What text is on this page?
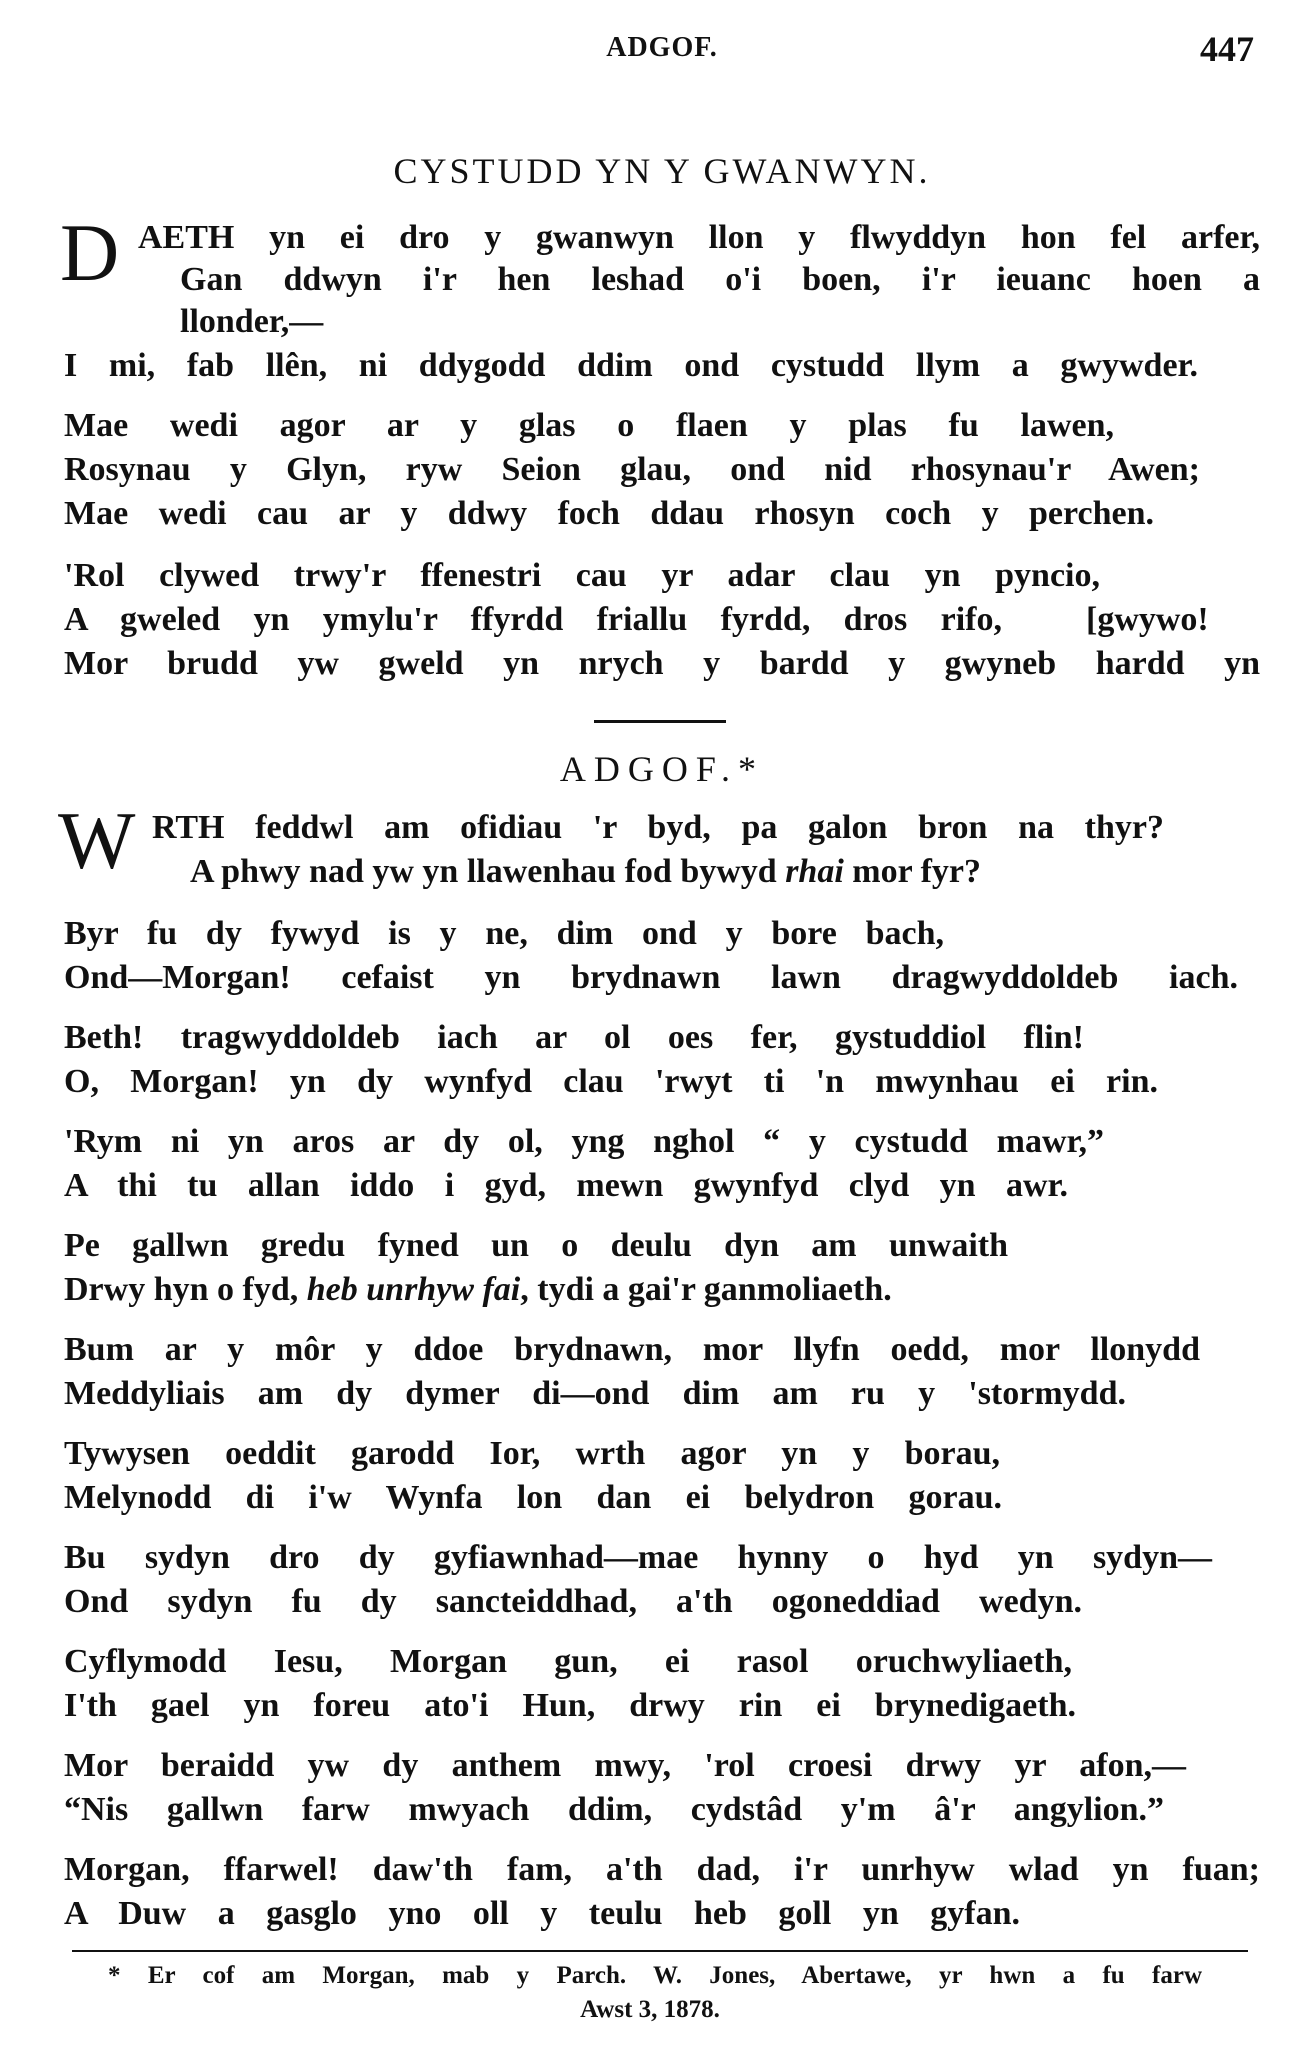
ADGOF.	447
CYSTUDD YN Y GWANWYN.
D AETH yn ei dro y gwanwyn llon y flwyddyn hon fel arfer,
Gan ddwyn i'r hen leshad o'i boen, i'r ieuanc hoen a
llonder,—
I mi, fab llên, ni ddygodd ddim ond cystudd llym a gwywder.
Mae wedi agor ar y glas o flaen y plas fu lawen,
Rosynau y Glyn, ryw Seion glau, ond nid rhosynau'r Awen;
Mae wedi cau ar y ddwy foch ddau rhosyn coch y perchen.
'Rol clywed trwy'r ffenestri cau yr adar clau yn pyncio,
A gweled yn ymylu'r ffyrdd friallu fyrdd, dros rifo, [gwywo!
Mor brudd yw gweld yn nrych y bardd y gwyneb hardd yn
ADGOF.*
W RTH feddwl am ofidiau 'r byd, pa galon bron na thyr?
A phwy nad yw yn llawenhau fod bywyd rhai mor fyr?
Byr fu dy fywyd is y ne, dim ond y bore bach,
Ond—Morgan! cefaist yn brydnawn lawn dragwyddoldeb iach.
Beth! tragwyddoldeb iach ar ol oes fer, gystuddiol flin!
O, Morgan! yn dy wynfyd clau 'rwyt ti 'n mwynhau ei rin.
'Rym ni yn aros ar dy ol, yng nghol “ y cystudd mawr,”
A thi tu allan iddo i gyd, mewn gwynfyd clyd yn awr.
Pe gallwn gredu fyned un o deulu dyn am unwaith
Drwy hyn o fyd, heb unrhyw fai, tydi a gai'r ganmoliaeth.
Bum ar y môr y ddoe brydnawn, mor llyfn oedd, mor llonydd
Meddyliais am dy dymer di—ond dim am ru y 'stormydd.
Tywysen oeddit garodd Ior, wrth agor yn y borau,
Melynodd di i'w Wynfa lon dan ei belydron gorau.
Bu sydyn dro dy gyfiawnhad—mae hynny o hyd yn sydyn—
Ond sydyn fu dy sancteiddhad, a'th ogoneddiad wedyn.
Cyflymodd Iesu, Morgan gun, ei rasol oruchwyliaeth,
I'th gael yn foreu ato'i Hun, drwy rin ei brynedigaeth.
Mor beraidd yw dy anthem mwy, 'rol croesi drwy yr afon,—
“Nis gallwn farw mwyach ddim, cydstâd y'm â'r angylion.”
Morgan, ffarwel! daw'th fam, a'th dad, i'r unrhyw wlad yn fuan;
A Duw a gasglo yno oll y teulu heb goll yn gyfan.
* Er cof am Morgan, mab y Parch. W. Jones, Abertawe, yr hwn a fu farw
Awst 3, 1878.
